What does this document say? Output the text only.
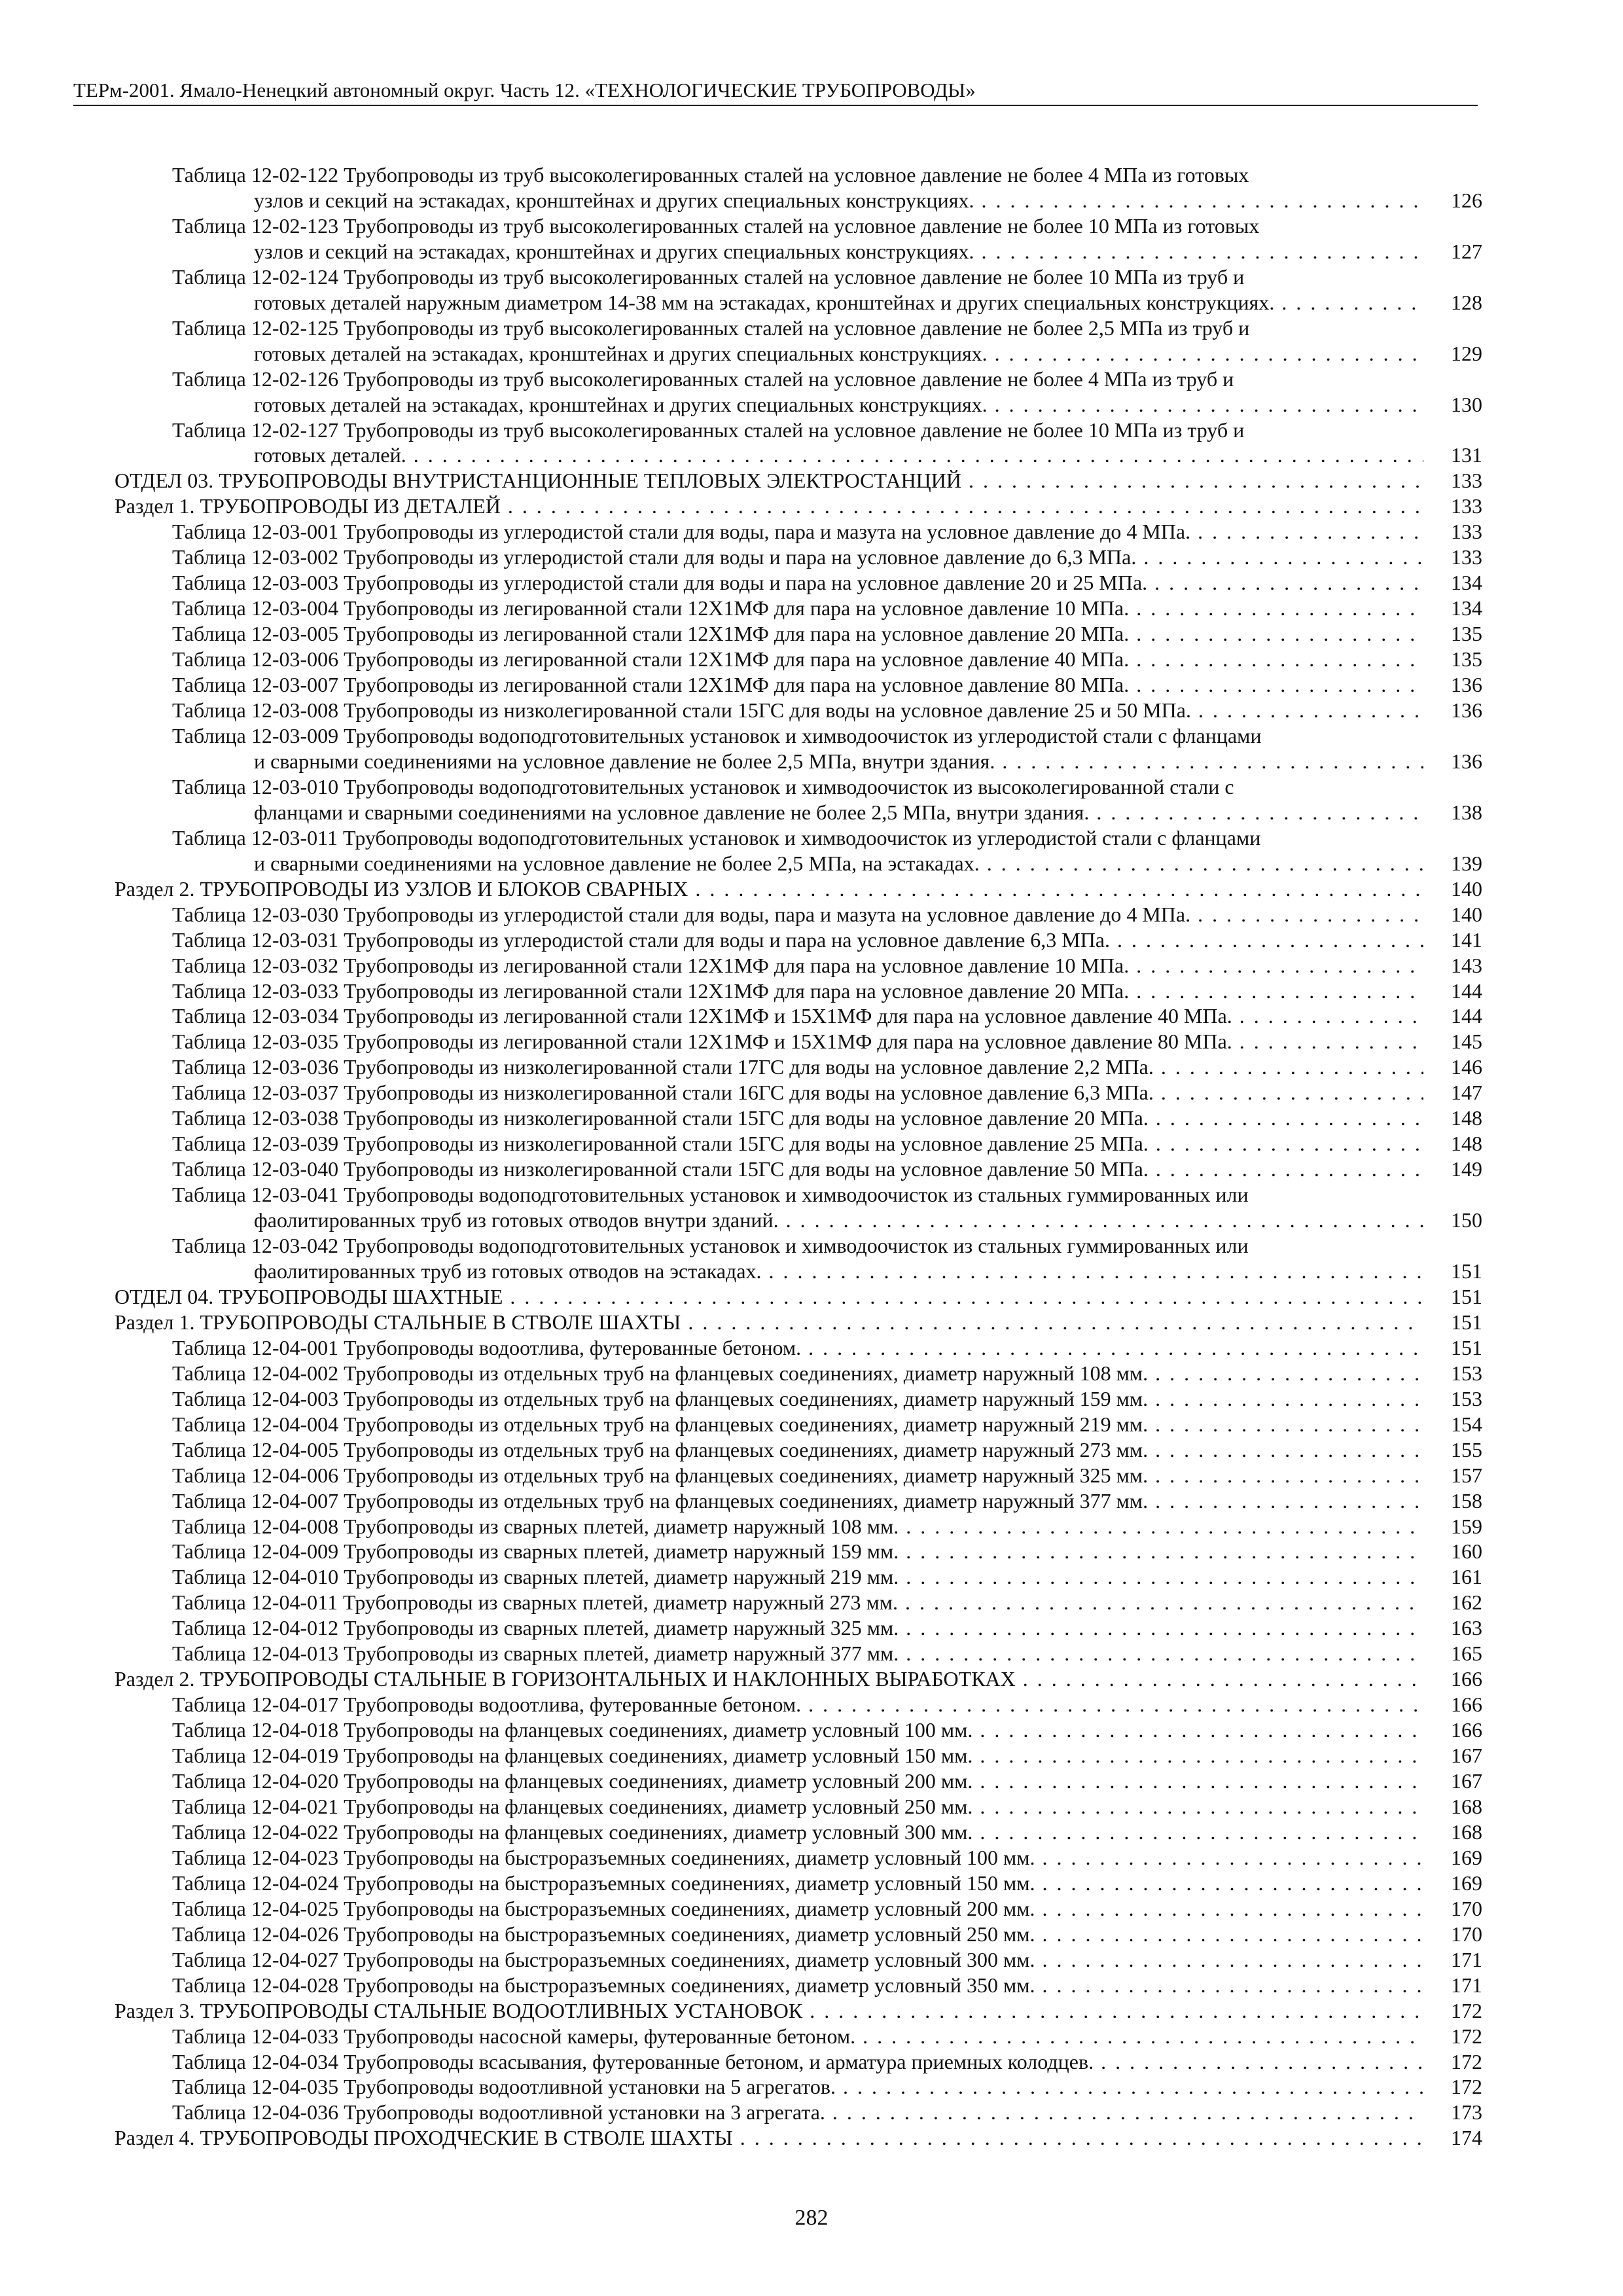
ТЕРм-2001. Ямало-Ненецкий автономный округ. Часть 12. «ТЕХНОЛОГИЧЕСКИЕ ТРУБОПРОВОДЫ»
Таблица 12-02-122 Трубопроводы из труб высоколегированных сталей на условное давление не более 4 МПа из готовых
узлов и секций на эстакадах, кронштейнах и других специальных конструкциях. . . .	126
Таблица 12-02-123 Трубопроводы из труб высоколегированных сталей на условное давление не более 10 МПа из готовых
узлов и секций на эстакадах, кронштейнах и других специальных конструкциях. . . .	127
Таблица 12-02-124 Трубопроводы из труб высоколегированных сталей на условное давление не более 10 МПа из труб и
готовых деталей наружным диаметром 14-38 мм на эстакадах, кронштейнах и других специальных конструкциях. . . .	128
Таблица 12-02-125 Трубопроводы из труб высоколегированных сталей на условное давление не более 2,5 МПа из труб и
готовых деталей на эстакадах, кронштейнах и других специальных конструкциях. . . .	129
Таблица 12-02-126 Трубопроводы из труб высоколегированных сталей на условное давление не более 4 МПа из труб и
готовых деталей на эстакадах, кронштейнах и других специальных конструкциях. . . .	130
Таблица 12-02-127 Трубопроводы из труб высоколегированных сталей на условное давление не более 10 МПа из труб и
готовых деталей. . . .	131
ОТДЕЛ 03. ТРУБОПРОВОДЫ ВНУТРИСТАНЦИОННЫЕ ТЕПЛОВЫХ ЭЛЕКТРОСТАНЦИЙ . . .	133
Раздел 1. ТРУБОПРОВОДЫ ИЗ ДЕТАЛЕЙ . . .	133
Таблица 12-03-001 Трубопроводы из углеродистой стали для воды, пара и мазута на условное давление до 4 МПа. . . .	133
Таблица 12-03-002 Трубопроводы из углеродистой стали для воды и пара на условное давление до 6,3 МПа. . . .	133
Таблица 12-03-003 Трубопроводы из углеродистой стали для воды и пара на условное давление 20 и 25 МПа. . . .	134
Таблица 12-03-004 Трубопроводы из легированной стали 12Х1МФ для пара на условное давление 10 МПа. . . .	134
Таблица 12-03-005 Трубопроводы из легированной стали 12Х1МФ для пара на условное давление 20 МПа. . . .	135
Таблица 12-03-006 Трубопроводы из легированной стали 12Х1МФ для пара на условное давление 40 МПа. . . .	135
Таблица 12-03-007 Трубопроводы из легированной стали 12Х1МФ для пара на условное давление 80 МПа. . . .	136
Таблица 12-03-008 Трубопроводы из низколегированной стали 15ГС для воды на условное давление 25 и 50 МПа. . . .	136
Таблица 12-03-009 Трубопроводы водоподготовительных установок и химводоочисток из углеродистой стали с фланцами
и сварными соединениями на условное давление не более 2,5 МПа, внутри здания. . . .	136
Таблица 12-03-010 Трубопроводы водоподготовительных установок и химводоочисток из высоколегированной стали с
фланцами и сварными соединениями на условное давление не более 2,5 МПа, внутри здания. . . .	138
Таблица 12-03-011 Трубопроводы водоподготовительных установок и химводоочисток из углеродистой стали с фланцами
и сварными соединениями на условное давление не более 2,5 МПа, на эстакадах. . . .	139
Раздел 2. ТРУБОПРОВОДЫ ИЗ УЗЛОВ И БЛОКОВ СВАРНЫХ . . .	140
Таблица 12-03-030 Трубопроводы из углеродистой стали для воды, пара и мазута на условное давление до 4 МПа. . . .	140
Таблица 12-03-031 Трубопроводы из углеродистой стали для воды и пара на условное давление 6,3 МПа. . . .	141
Таблица 12-03-032 Трубопроводы из легированной стали 12Х1МФ для пара на условное давление 10 МПа. . . .	143
Таблица 12-03-033 Трубопроводы из легированной стали 12Х1МФ для пара на условное давление 20 МПа. . . .	144
Таблица 12-03-034 Трубопроводы из легированной стали 12Х1МФ и 15Х1МФ для пара на условное давление 40 МПа. . . .	144
Таблица 12-03-035 Трубопроводы из легированной стали 12Х1МФ и 15Х1МФ для пара на условное давление 80 МПа. . . .	145
Таблица 12-03-036 Трубопроводы из низколегированной стали 17ГС для воды на условное давление 2,2 МПа. . . .	146
Таблица 12-03-037 Трубопроводы из низколегированной стали 16ГС для воды на условное давление 6,3 МПа. . . .	147
Таблица 12-03-038 Трубопроводы из низколегированной стали 15ГС для воды на условное давление 20 МПа. . . .	148
Таблица 12-03-039 Трубопроводы из низколегированной стали 15ГС для воды на условное давление 25 МПа. . . .	148
Таблица 12-03-040 Трубопроводы из низколегированной стали 15ГС для воды на условное давление 50 МПа. . . .	149
Таблица 12-03-041 Трубопроводы водоподготовительных установок и химводоочисток из стальных гуммированных или
фаолитированных труб из готовых отводов внутри зданий. . . .	150
Таблица 12-03-042 Трубопроводы водоподготовительных установок и химводоочисток из стальных гуммированных или
фаолитированных труб из готовых отводов на эстакадах. . . .	151
ОТДЕЛ 04. ТРУБОПРОВОДЫ ШАХТНЫЕ . . .	151
Раздел 1. ТРУБОПРОВОДЫ СТАЛЬНЫЕ В СТВОЛЕ ШАХТЫ . . .	151
Таблица 12-04-001 Трубопроводы водоотлива, футерованные бетоном. . . .	151
Таблица 12-04-002 Трубопроводы из отдельных труб на фланцевых соединениях, диаметр наружный 108 мм. . . .	153
Таблица 12-04-003 Трубопроводы из отдельных труб на фланцевых соединениях, диаметр наружный 159 мм. . . .	153
Таблица 12-04-004 Трубопроводы из отдельных труб на фланцевых соединениях, диаметр наружный 219 мм. . . .	154
Таблица 12-04-005 Трубопроводы из отдельных труб на фланцевых соединениях, диаметр наружный 273 мм. . . .	155
Таблица 12-04-006 Трубопроводы из отдельных труб на фланцевых соединениях, диаметр наружный 325 мм. . . .	157
Таблица 12-04-007 Трубопроводы из отдельных труб на фланцевых соединениях, диаметр наружный 377 мм. . . .	158
Таблица 12-04-008 Трубопроводы из сварных плетей, диаметр наружный 108 мм. . . .	159
Таблица 12-04-009 Трубопроводы из сварных плетей, диаметр наружный 159 мм. . . .	160
Таблица 12-04-010 Трубопроводы из сварных плетей, диаметр наружный 219 мм. . . .	161
Таблица 12-04-011 Трубопроводы из сварных плетей, диаметр наружный 273 мм. . . .	162
Таблица 12-04-012 Трубопроводы из сварных плетей, диаметр наружный 325 мм. . . .	163
Таблица 12-04-013 Трубопроводы из сварных плетей, диаметр наружный 377 мм. . . .	165
Раздел 2. ТРУБОПРОВОДЫ СТАЛЬНЫЕ В ГОРИЗОНТАЛЬНЫХ И НАКЛОННЫХ ВЫРАБОТКАХ . . .	166
Таблица 12-04-017 Трубопроводы водоотлива, футерованные бетоном. . . .	166
Таблица 12-04-018 Трубопроводы на фланцевых соединениях, диаметр условный 100 мм. . . .	166
Таблица 12-04-019 Трубопроводы на фланцевых соединениях, диаметр условный 150 мм. . . .	167
Таблица 12-04-020 Трубопроводы на фланцевых соединениях, диаметр условный 200 мм. . . .	167
Таблица 12-04-021 Трубопроводы на фланцевых соединениях, диаметр условный 250 мм. . . .	168
Таблица 12-04-022 Трубопроводы на фланцевых соединениях, диаметр условный 300 мм. . . .	168
Таблица 12-04-023 Трубопроводы на быстроразъемных соединениях, диаметр условный 100 мм. . . .	169
Таблица 12-04-024 Трубопроводы на быстроразъемных соединениях, диаметр условный 150 мм. . . .	169
Таблица 12-04-025 Трубопроводы на быстроразъемных соединениях, диаметр условный 200 мм. . . .	170
Таблица 12-04-026 Трубопроводы на быстроразъемных соединениях, диаметр условный 250 мм. . . .	170
Таблица 12-04-027 Трубопроводы на быстроразъемных соединениях, диаметр условный 300 мм. . . .	171
Таблица 12-04-028 Трубопроводы на быстроразъемных соединениях, диаметр условный 350 мм. . . .	171
Раздел 3. ТРУБОПРОВОДЫ СТАЛЬНЫЕ ВОДООТЛИВНЫХ УСТАНОВОК . . .	172
Таблица 12-04-033 Трубопроводы насосной камеры, футерованные бетоном. . . .	172
Таблица 12-04-034 Трубопроводы всасывания, футерованные бетоном, и арматура приемных колодцев. . . .	172
Таблица 12-04-035 Трубопроводы водоотливной установки на 5 агрегатов. . . .	172
Таблица 12-04-036 Трубопроводы водоотливной установки на 3 агрегата. . . .	173
Раздел 4. ТРУБОПРОВОДЫ ПРОХОДЧЕСКИЕ В СТВОЛЕ ШАХТЫ . . .	174
282
